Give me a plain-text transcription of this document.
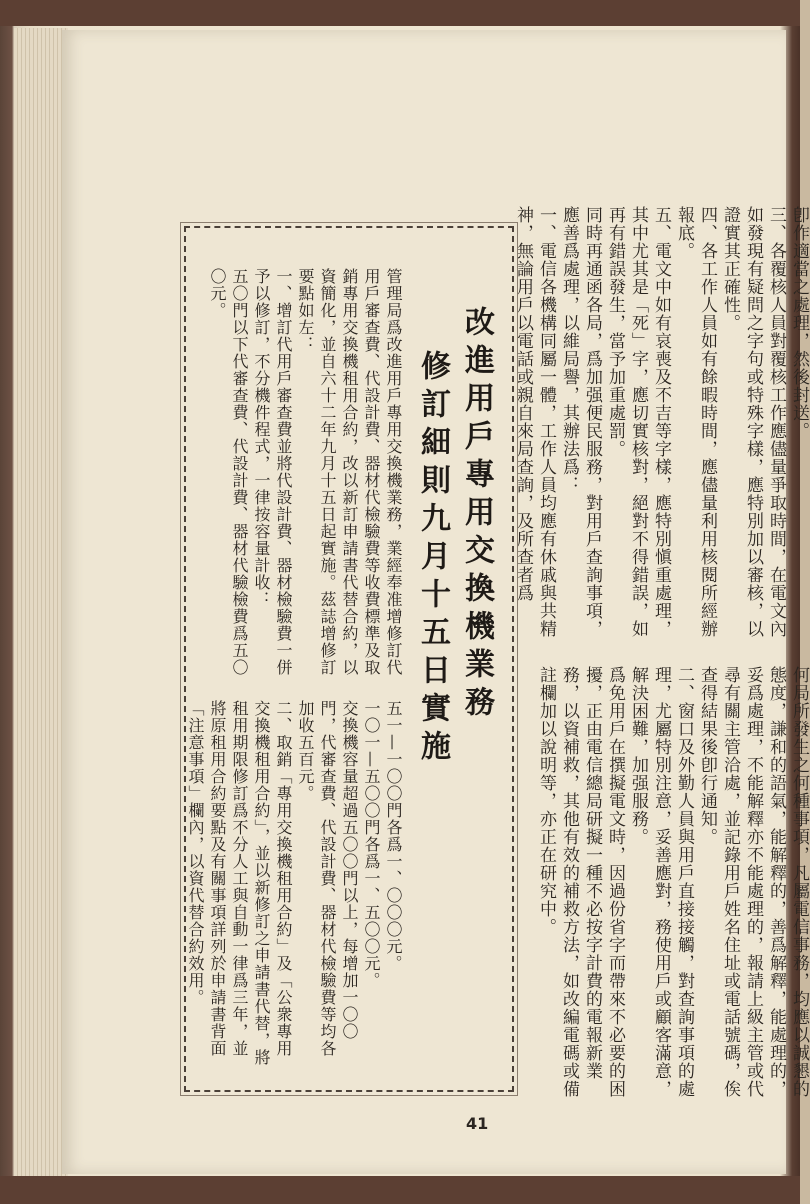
卽作適當之處理，然後封送。
三、各覆核人員對覆核工作應儘量爭取時間，在電文內如發現有疑問之字句或特殊字樣，應特別加以審核，以證實其正確性。
四、各工作人員如有餘暇時間，應儘量利用核閱所經辦報底。
五、電文中如有哀喪及不吉等字樣，應特別愼重處理，其中尤其是「死」字，應切實核對，絕對不得錯誤，如再有錯誤發生，當予加重處罰。
同時再通函各局，爲加强便民服務，對用戶查詢事項，應善爲處理，以維局譽，其辦法爲：
一、電信各機構同屬一體，工作人員均應有休戚與共精神，無論用戶以電話或親自來局查詢，及所查者爲
何局所發生之何種事項，凡屬電信事務，均應以誠懇的態度，謙和的語氣，能解釋的，善爲解釋，能處理的，妥爲處理，不能解釋亦不能處理的，報請上級主管或代尋有關主管洽處，並記錄用戶姓名住址或電話號碼，俟查得結果後卽行通知。
二、窗口及外勤人員與用戶直接接觸，對查詢事項的處理，尤屬特別注意，妥善應對，務使用戶或顧客滿意，解決困難，加强服務。
爲免用戶在撰擬電文時，因過份省字而帶來不必要的困擾，正由電信總局研擬一種不必按字計費的電報新業務，以資補救，其他有效的補救方法，如改編電碼或備註欄加以說明等，亦正在研究中。
改進用戶專用交換機業務
修訂細則九月十五日實施
管理局爲改進用戶專用交換機業務，業經奉准增修訂代用戶審查費、代設計費、器材代檢驗費等收費標準及取銷專用交換機租用合約，改以新訂申請書代替合約，以資簡化，並自六十二年九月十五日起實施。茲誌增修訂要點如左：
一、增訂代用戶審查費並將代設計費、器材檢驗費一併予以修訂，不分機件程式，一律按容量計收：
五〇門以下代審查費、代設計費、器材代驗檢費爲五〇〇元。
五一—一〇〇門各爲一、〇〇〇元。
一〇一—五〇〇門各爲一、五〇〇元。
交換機容量超過五〇〇門以上，每增加一〇〇門，代審查費、代設計費、器材代檢驗費等均各加收五百元。
二、取銷「專用交換機租用合約」及「公衆專用交換機租用合約」，並以新修訂之申請書代替，將租用期限修訂爲不分人工與自動一律爲三年，並將原租用合約要點及有關事項詳列於申請書背面「注意事項」欄內，以資代替合約效用。
41
